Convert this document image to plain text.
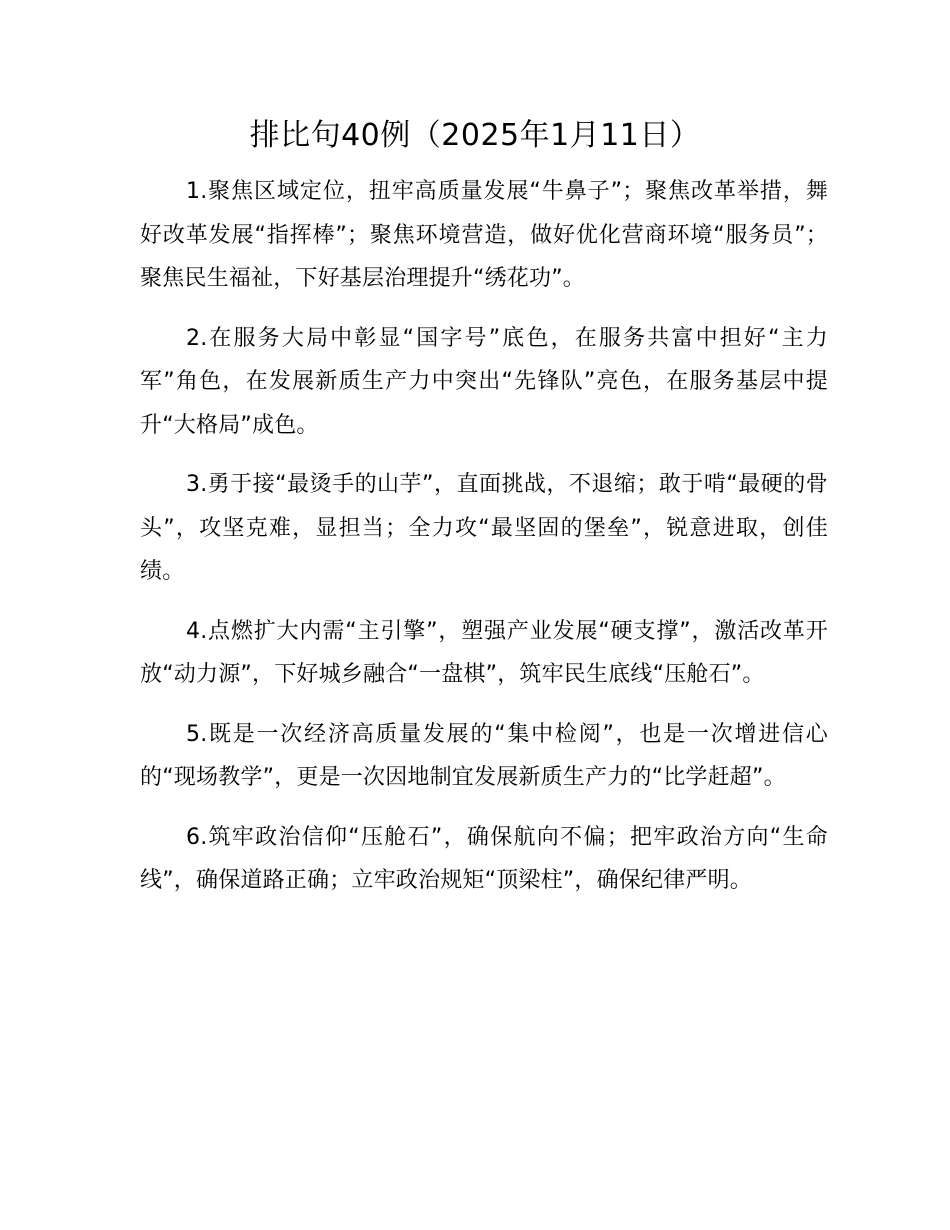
排比句40例（2025年1月11日）

1.聚焦区域定位，扭牢高质量发展“牛鼻子”；聚焦改革举措，舞好改革发展“指挥棒”；聚焦环境营造，做好优化营商环境“服务员”；聚焦民生福祉，下好基层治理提升“绣花功”。

2.在服务大局中彰显“国字号”底色，在服务共富中担好“主力军”角色，在发展新质生产力中突出“先锋队”亮色，在服务基层中提升“大格局”成色。

3.勇于接“最烫手的山芋”，直面挑战，不退缩；敢于啃“最硬的骨头”，攻坚克难，显担当；全力攻“最坚固的堡垒”，锐意进取，创佳绩。

4.点燃扩大内需“主引擎”，塑强产业发展“硬支撑”，激活改革开放“动力源”，下好城乡融合“一盘棋”，筑牢民生底线“压舱石”。

5.既是一次经济高质量发展的“集中检阅”，也是一次增进信心的“现场教学”，更是一次因地制宜发展新质生产力的“比学赶超”。

6.筑牢政治信仰“压舱石”，确保航向不偏；把牢政治方向“生命线”，确保道路正确；立牢政治规矩“顶梁柱”，确保纪律严明。
